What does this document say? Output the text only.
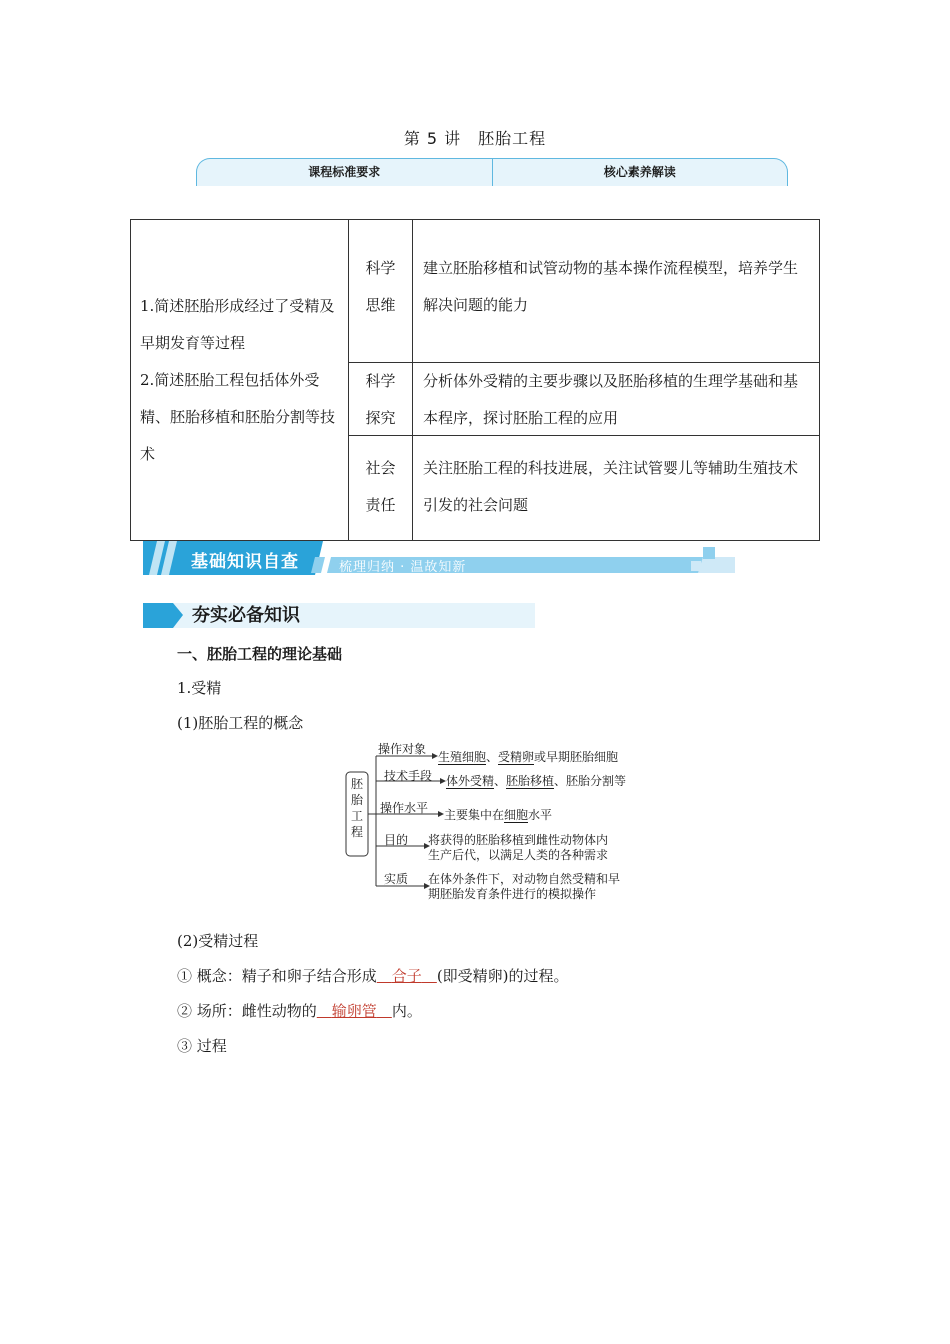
第 5 讲　胚胎工程
课程标准要求	核心素养解读
1.简述胚胎形成经过了受精及早期发育等过程
2.简述胚胎工程包括体外受精、胚胎移植和胚胎分割等技术
科学思维
建立胚胎移植和试管动物的基本操作流程模型，培养学生解决问题的能力
科学探究
分析体外受精的主要步骤以及胚胎移植的生理学基础和基本程序，探讨胚胎工程的应用
社会责任
关注胚胎工程的科技进展，关注试管婴儿等辅助生殖技术引发的社会问题
基础知识自查	梳理归纳 · 温故知新
夯实必备知识
一、胚胎工程的理论基础
1.受精
(1)胚胎工程的概念
胚胎工程
操作对象
生殖细胞、受精卵或早期胚胎细胞
技术手段 体外受精、胚胎移植、胚胎分割等
操作水平 主要集中在细胞水平
目的 将获得的胚胎移植到雌性动物体内
生产后代，以满足人类的各种需求
实质 在体外条件下，对动物自然受精和早
期胚胎发育条件进行的模拟操作
(2)受精过程
① 概念：精子和卵子结合形成　 合子　 (即受精卵)的过程。
② 场所：雌性动物的　 输卵管　 内。
③ 过程
